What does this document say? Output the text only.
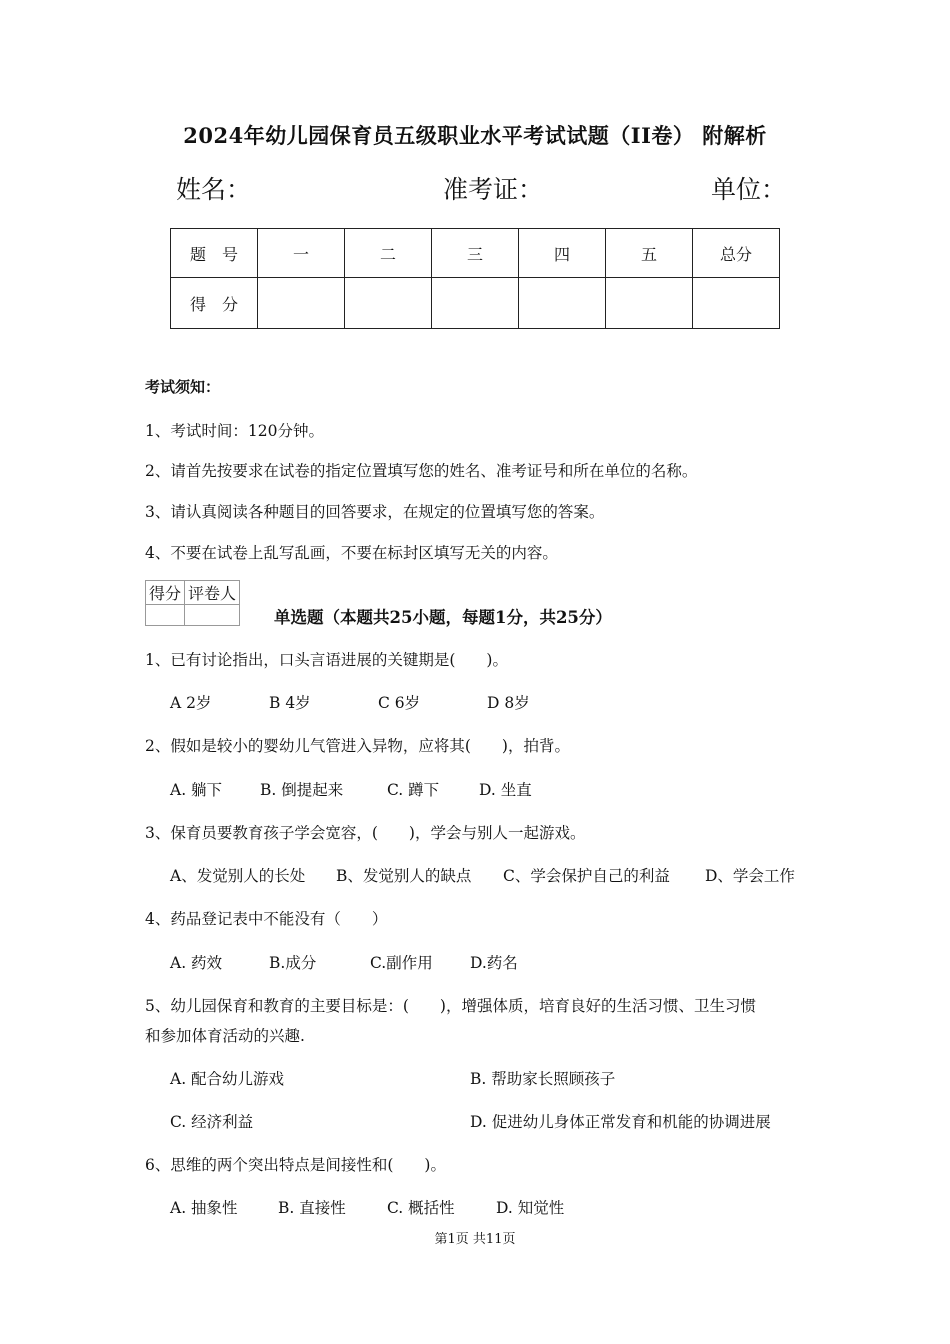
2024年幼儿园保育员五级职业水平考试试题（II卷） 附解析
姓名：	准考证：	单位：
题　号	一	二	三	四	五	总分
得　分						
考试须知：
1、考试时间：120分钟。
2、请首先按要求在试卷的指定位置填写您的姓名、准考证号和所在单位的名称。
3、请认真阅读各种题目的回答要求，在规定的位置填写您的答案。
4、不要在试卷上乱写乱画，不要在标封区填写无关的内容。
得分	评卷人

单选题（本题共25小题，每题1分，共25分）
1、已有讨论指出，口头言语进展的关键期是(　　)。
A 2岁	B 4岁	C 6岁	D 8岁
2、假如是较小的婴幼儿气管进入异物，应将其(　　)，拍背。
A. 躺下 B. 倒提起来	C. 蹲下	D. 坐直
3、保育员要教育孩子学会宽容，(　　)，学会与别人一起游戏。
A、发觉别人的长处 B、发觉别人的缺点 C、学会保护自己的利益 D、学会工作
4、药品登记表中不能没有（　　）
A. 药效	B.成分	C.副作用 D.药名
5、幼儿园保育和教育的主要目标是：(　　)，增强体质，培育良好的生活习惯、卫生习惯
和参加体育活动的兴趣.
A. 配合幼儿游戏	B. 帮助家长照顾孩子
C. 经济利益	D. 促进幼儿身体正常发育和机能的协调进展
6、思维的两个突出特点是间接性和(　　)。
A. 抽象性	B. 直接性	C. 概括性	D. 知觉性
第1页 共11页
